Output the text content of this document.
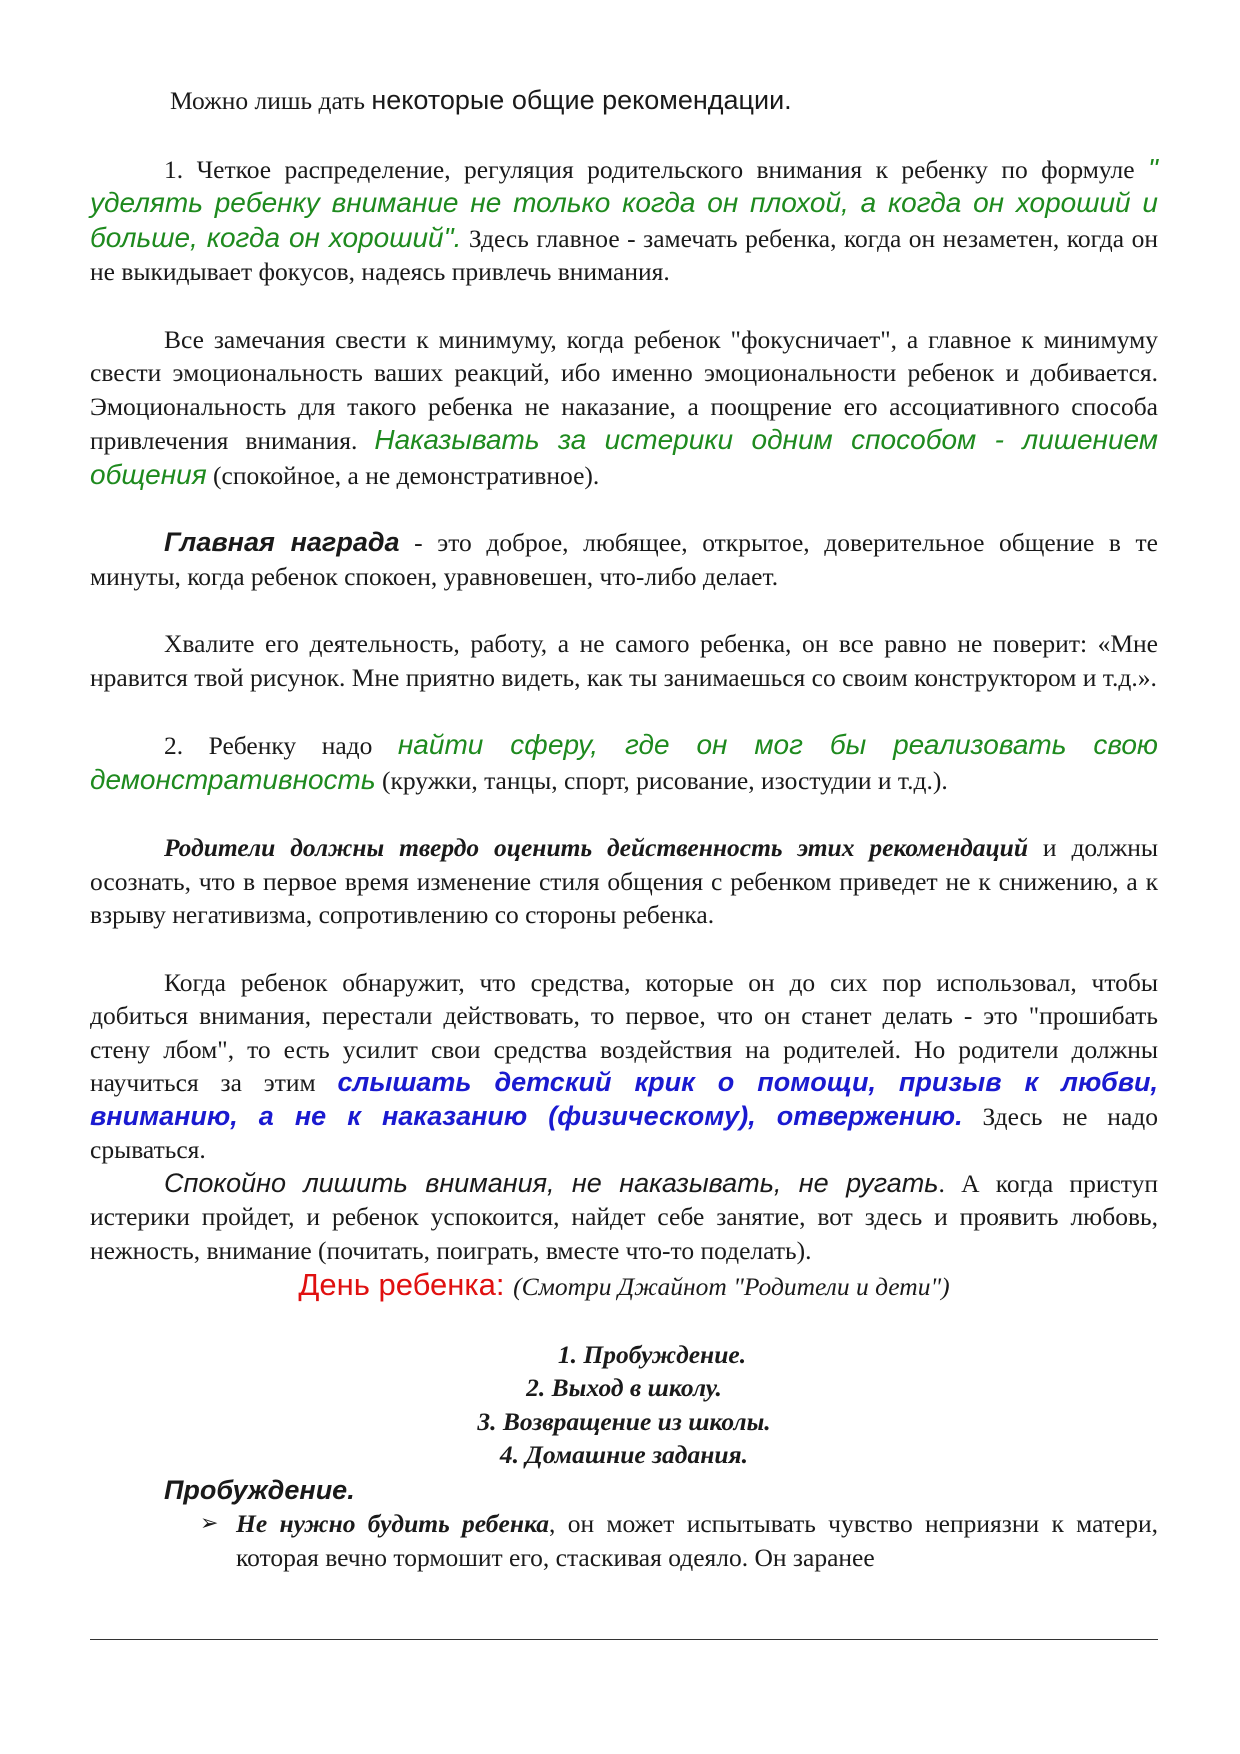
Можно лишь дать некоторые общие рекомендации.

1. Четкое распределение, регуляция родительского внимания к ребенку по формуле " уделять ребенку внимание не только когда он плохой, а когда он хороший и больше, когда он хороший". Здесь главное - замечать ребенка, когда он незаметен, когда он не выкидывает фокусов, надеясь привлечь внимания.

Все замечания свести к минимуму, когда ребенок "фокусничает", а главное к минимуму свести эмоциональность ваших реакций, ибо именно эмоциональности ребенок и добивается. Эмоциональность для такого ребенка не наказание, а поощрение его ассоциативного способа привлечения внимания. Наказывать за истерики одним способом - лишением общения (спокойное, а не демонстративное).

Главная награда - это доброе, любящее, открытое, доверительное общение в те минуты, когда ребенок спокоен, уравновешен, что-либо делает.

Хвалите его деятельность, работу, а не самого ребенка, он все равно не поверит: «Мне нравится твой рисунок. Мне приятно видеть, как ты занимаешься со своим конструктором и т.д.».

2. Ребенку надо найти сферу, где он мог бы реализовать свою демонстративность (кружки, танцы, спорт, рисование, изостудии и т.д.).

Родители должны твердо оценить действенность этих рекомендаций и должны осознать, что в первое время изменение стиля общения с ребенком приведет не к снижению, а к взрыву негативизма, сопротивлению со стороны ребенка.

Когда ребенок обнаружит, что средства, которые он до сих пор использовал, чтобы добиться внимания, перестали действовать, то первое, что он станет делать - это "прошибать стену лбом", то есть усилит свои средства воздействия на родителей. Но родители должны научиться за этим слышать детский крик о помощи, призыв к любви, вниманию, а не к наказанию (физическому), отвержению. Здесь не надо срываться.

Спокойно лишить внимания, не наказывать, не ругать. А когда приступ истерики пройдет, и ребенок успокоится, найдет себе занятие, вот здесь и проявить любовь, нежность, внимание (почитать, поиграть, вместе что-то поделать).

День ребенка: (Смотри Джайнот "Родители и дети")

1. Пробуждение.
2. Выход в школу.
3. Возвращение из школы.
4. Домашние задания.

Пробуждение.

➢ Не нужно будить ребенка, он может испытывать чувство неприязни к матери, которая вечно тормошит его, стаскивая одеяло. Он заранее
